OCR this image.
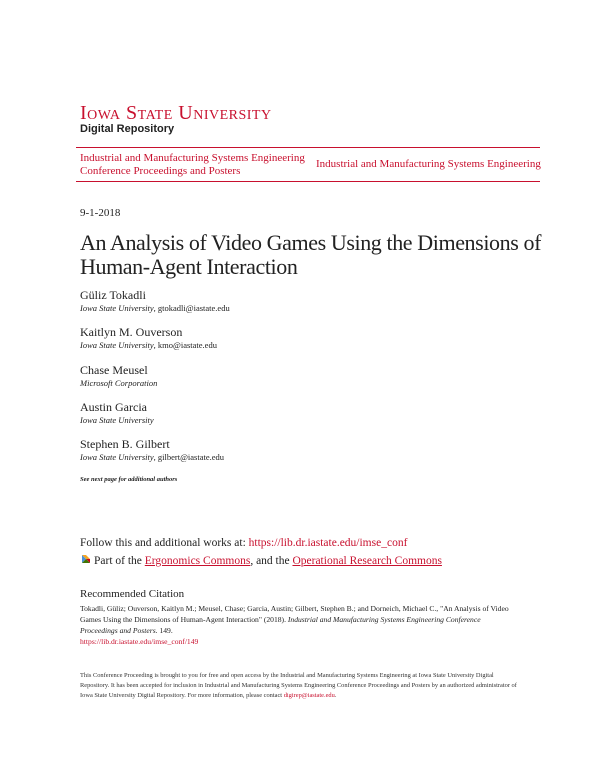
Iowa State University
Digital Repository
Industrial and Manufacturing Systems Engineering Conference Proceedings and Posters
Industrial and Manufacturing Systems Engineering
9-1-2018
An Analysis of Video Games Using the Dimensions of Human-Agent Interaction
Güliz Tokadli
Iowa State University, gtokadli@iastate.edu
Kaitlyn M. Ouverson
Iowa State University, kmo@iastate.edu
Chase Meusel
Microsoft Corporation
Austin Garcia
Iowa State University
Stephen B. Gilbert
Iowa State University, gilbert@iastate.edu
See next page for additional authors
Follow this and additional works at: https://lib.dr.iastate.edu/imse_conf
Part of the Ergonomics Commons, and the Operational Research Commons
Recommended Citation
Tokadli, Güliz; Ouverson, Kaitlyn M.; Meusel, Chase; Garcia, Austin; Gilbert, Stephen B.; and Dorneich, Michael C., "An Analysis of Video Games Using the Dimensions of Human-Agent Interaction" (2018). Industrial and Manufacturing Systems Engineering Conference Proceedings and Posters. 149.
https://lib.dr.iastate.edu/imse_conf/149
This Conference Proceeding is brought to you for free and open access by the Industrial and Manufacturing Systems Engineering at Iowa State University Digital Repository. It has been accepted for inclusion in Industrial and Manufacturing Systems Engineering Conference Proceedings and Posters by an authorized administrator of Iowa State University Digital Repository. For more information, please contact digirep@iastate.edu.
